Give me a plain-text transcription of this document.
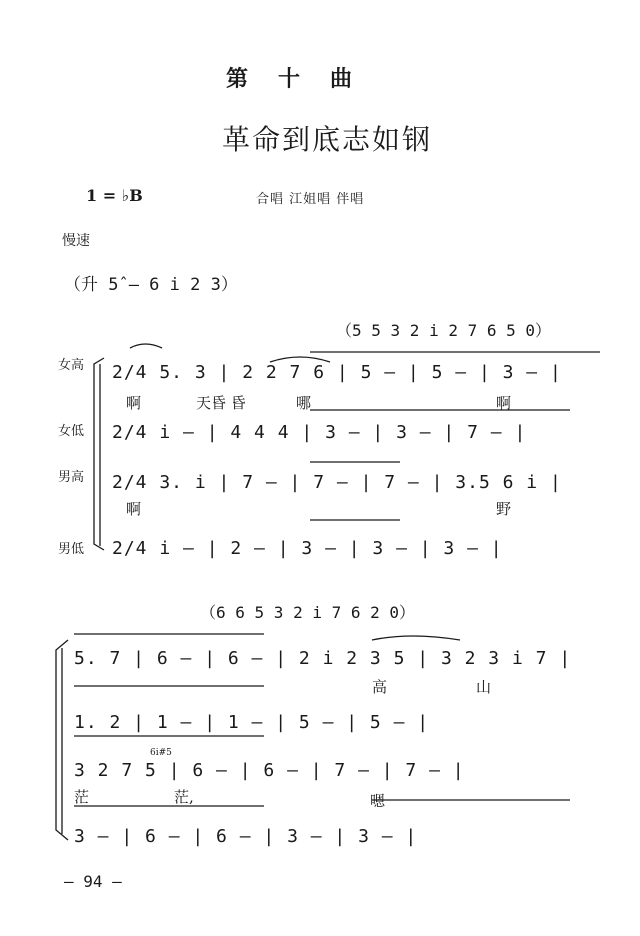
第十曲
革命到底志如钢
1 = ♭B	合唱 江姐唱 伴唱
慢速
（升 5̂ — 6 i 2 3）
（5 5 3 2 i 2 7 6 5 0）
女高 2/4 5. 3 | 2 2 7 6 | 5 — | 5 — | 3 — |
啊	天昏 昏	哪	啊
女低 2/4 i — | 4 4 4 | 3 — | 3 — | 7 — |
男高 2/4 3. i | 7 — | 7 — | 7 — | 3.5 6 i |
啊	野
男低 2/4 i — | 2 — | 3 — | 3 — | 3 — |
（6 6 5 3 2 i 7 6 2 0）
5. 7 | 6 — | 6 — | 2 i 2 3 5 | 3 2 3 i 7 |
高	山
1. 2 | 1 — | 1 — | 5 — | 5 — |
6i#5
3 2 7 5 | 6 — | 6 — | 7 — | 7 — |
茫	茫,	嗯
3 — | 6 — | 6 — | 3 — | 3 — |
— 94 —
